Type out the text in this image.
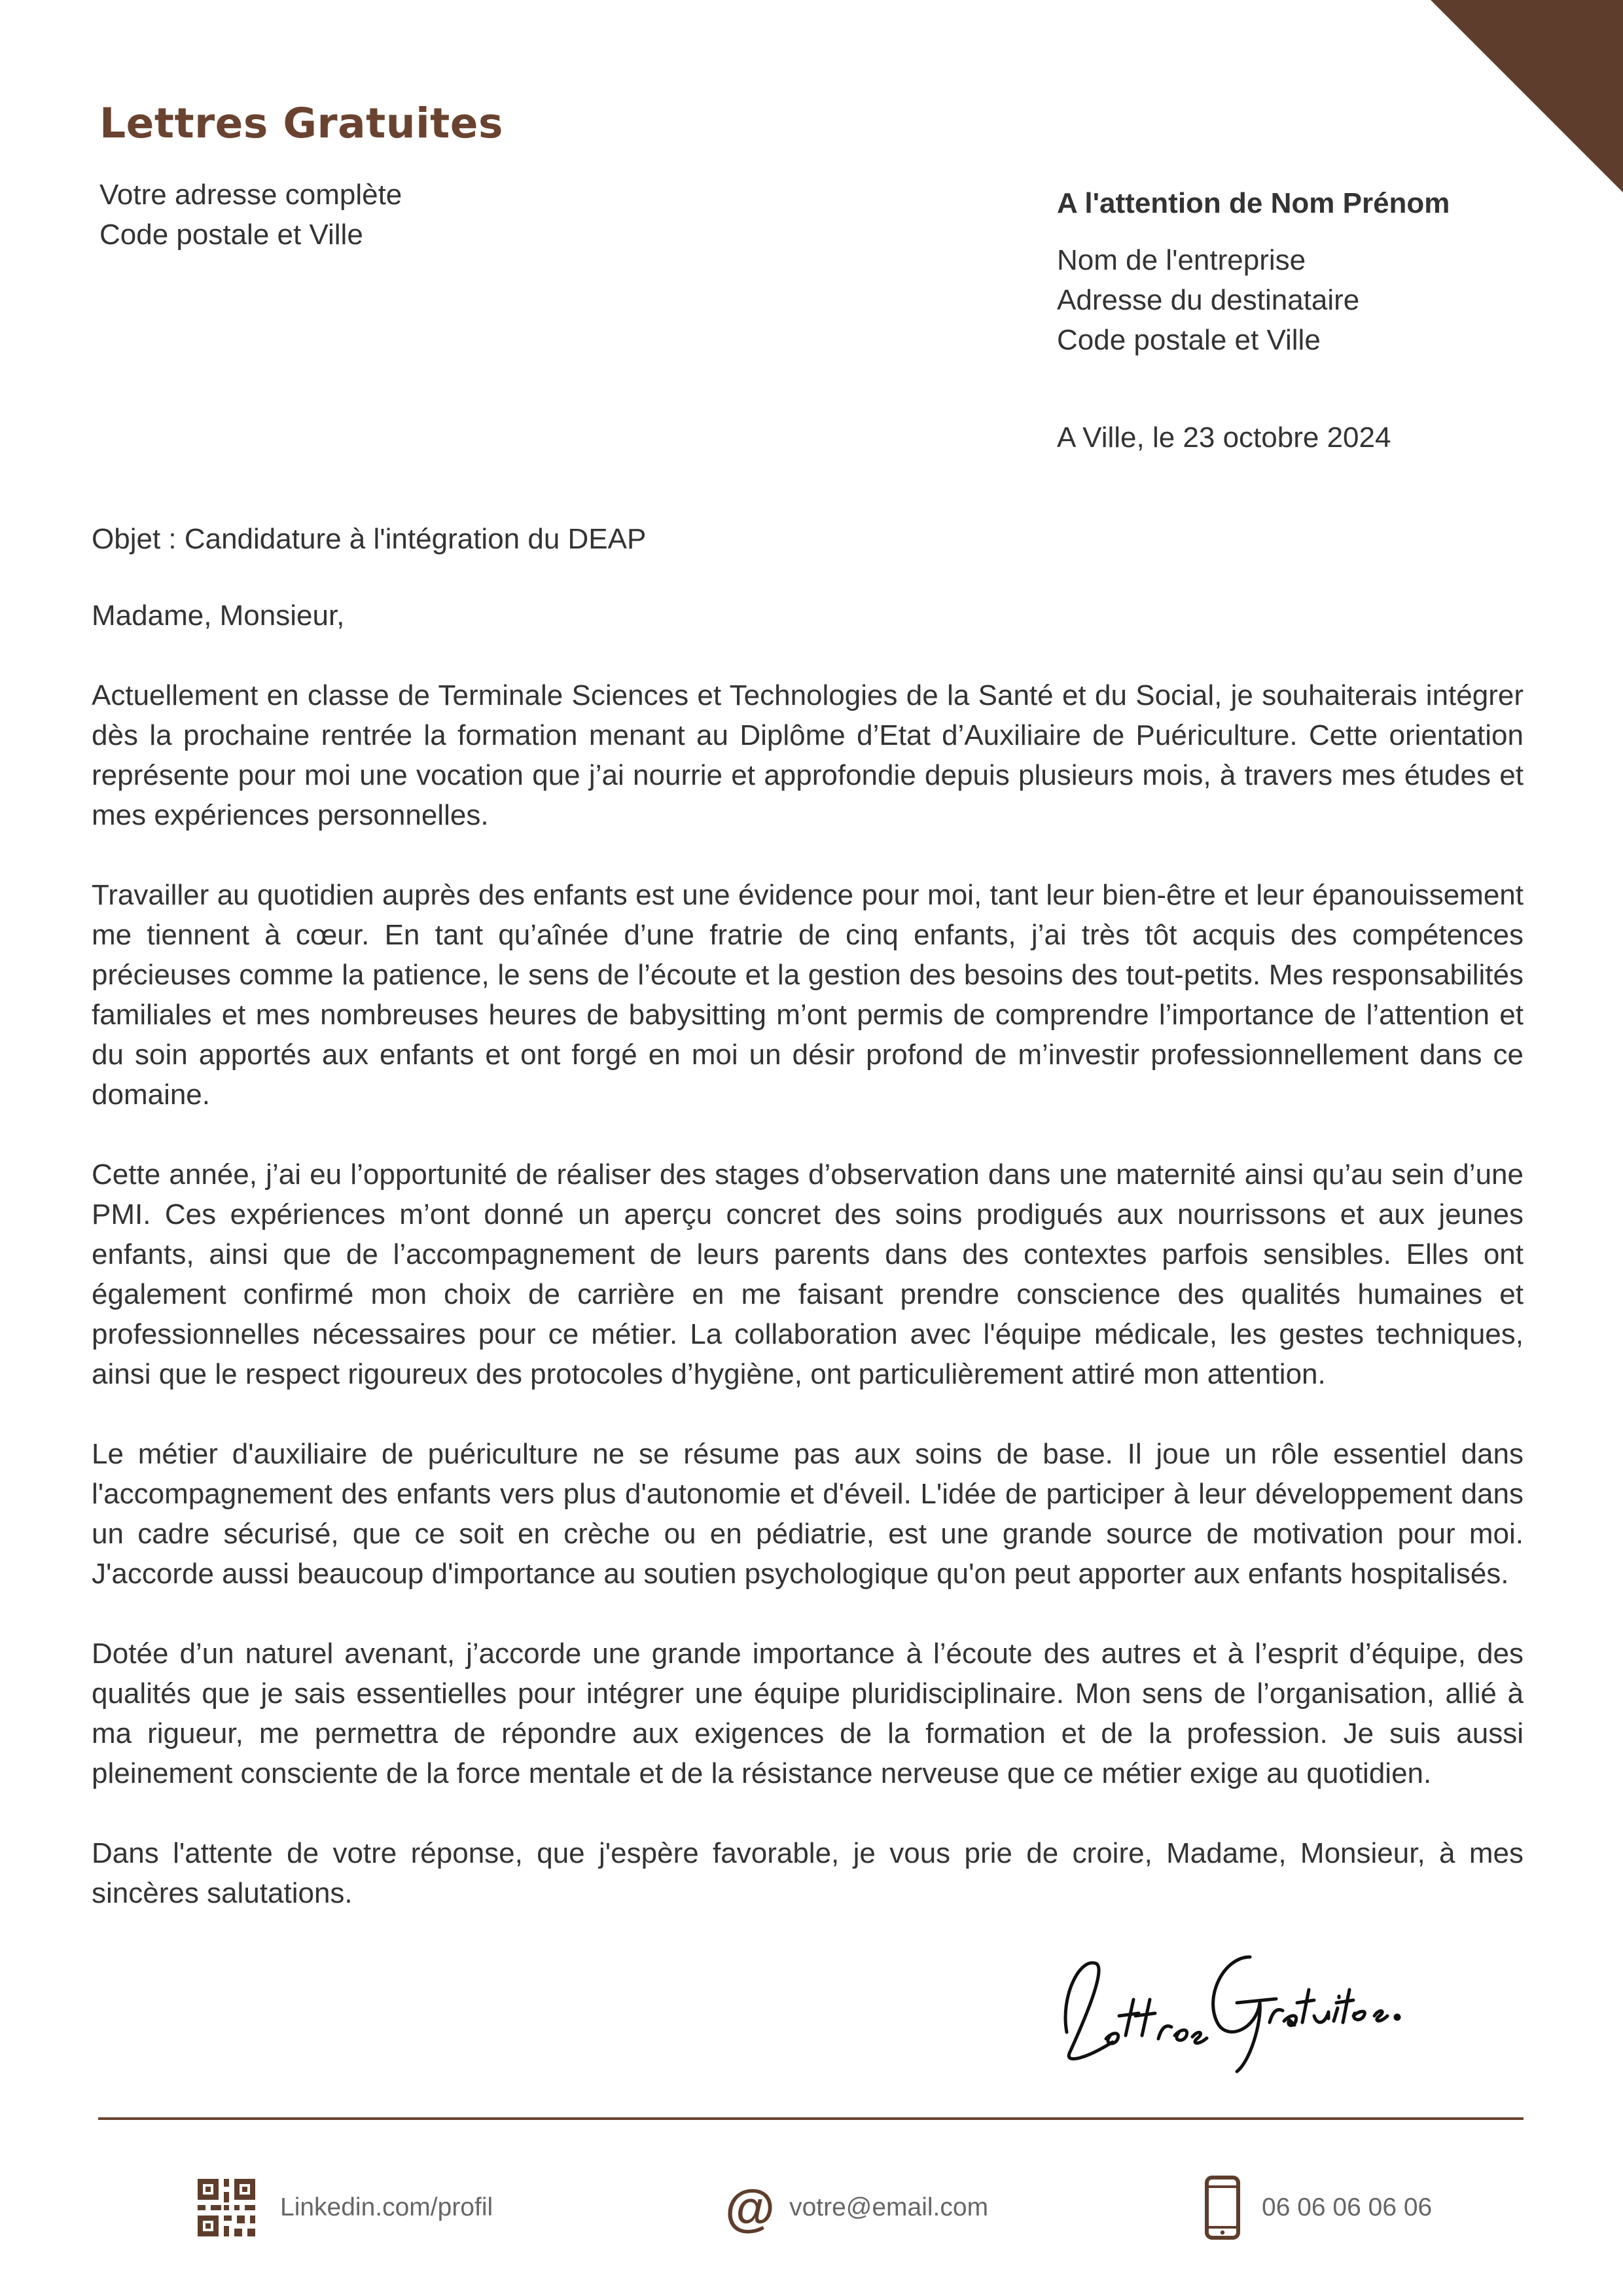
Lettres Gratuites
Votre adresse complète
Code postale et Ville
A l'attention de Nom Prénom
Nom de l'entreprise
Adresse du destinataire
Code postale et Ville
A Ville, le 23 octobre 2024
Objet : Candidature à l'intégration du DEAP
Madame, Monsieur,

Actuellement en classe de Terminale Sciences et Technologies de la Santé et du Social, je souhaiterais intégrer dès la prochaine rentrée la formation menant au Diplôme d’Etat d’Auxiliaire de Puériculture. Cette orientation représente pour moi une vocation que j’ai nourrie et approfondie depuis plusieurs mois, à travers mes études et mes expériences personnelles.

Travailler au quotidien auprès des enfants est une évidence pour moi, tant leur bien-être et leur épanouissement me tiennent à cœur. En tant qu’aînée d’une fratrie de cinq enfants, j’ai très tôt acquis des compétences précieuses comme la patience, le sens de l’écoute et la gestion des besoins des tout-petits. Mes responsabilités familiales et mes nombreuses heures de babysitting m’ont permis de comprendre l’importance de l’attention et du soin apportés aux enfants et ont forgé en moi un désir profond de m’investir professionnellement dans ce domaine.

Cette année, j’ai eu l’opportunité de réaliser des stages d’observation dans une maternité ainsi qu’au sein d’une PMI. Ces expériences m’ont donné un aperçu concret des soins prodigués aux nourrissons et aux jeunes enfants, ainsi que de l’accompagnement de leurs parents dans des contextes parfois sensibles. Elles ont également confirmé mon choix de carrière en me faisant prendre conscience des qualités humaines et professionnelles nécessaires pour ce métier. La collaboration avec l'équipe médicale, les gestes techniques, ainsi que le respect rigoureux des protocoles d’hygiène, ont particulièrement attiré mon attention.

Le métier d'auxiliaire de puériculture ne se résume pas aux soins de base. Il joue un rôle essentiel dans l'accompagnement des enfants vers plus d'autonomie et d'éveil. L'idée de participer à leur développement dans un cadre sécurisé, que ce soit en crèche ou en pédiatrie, est une grande source de motivation pour moi. J'accorde aussi beaucoup d'importance au soutien psychologique qu'on peut apporter aux enfants hospitalisés.

Dotée d’un naturel avenant, j’accorde une grande importance à l’écoute des autres et à l’esprit d’équipe, des qualités que je sais essentielles pour intégrer une équipe pluridisciplinaire. Mon sens de l’organisation, allié à ma rigueur, me permettra de répondre aux exigences de la formation et de la profession. Je suis aussi pleinement consciente de la force mentale et de la résistance nerveuse que ce métier exige au quotidien.

Dans l'attente de votre réponse, que j'espère favorable, je vous prie de croire, Madame, Monsieur, à mes sincères salutations.

Linkedin.com/profil	@ votre@email.com	06 06 06 06 06
